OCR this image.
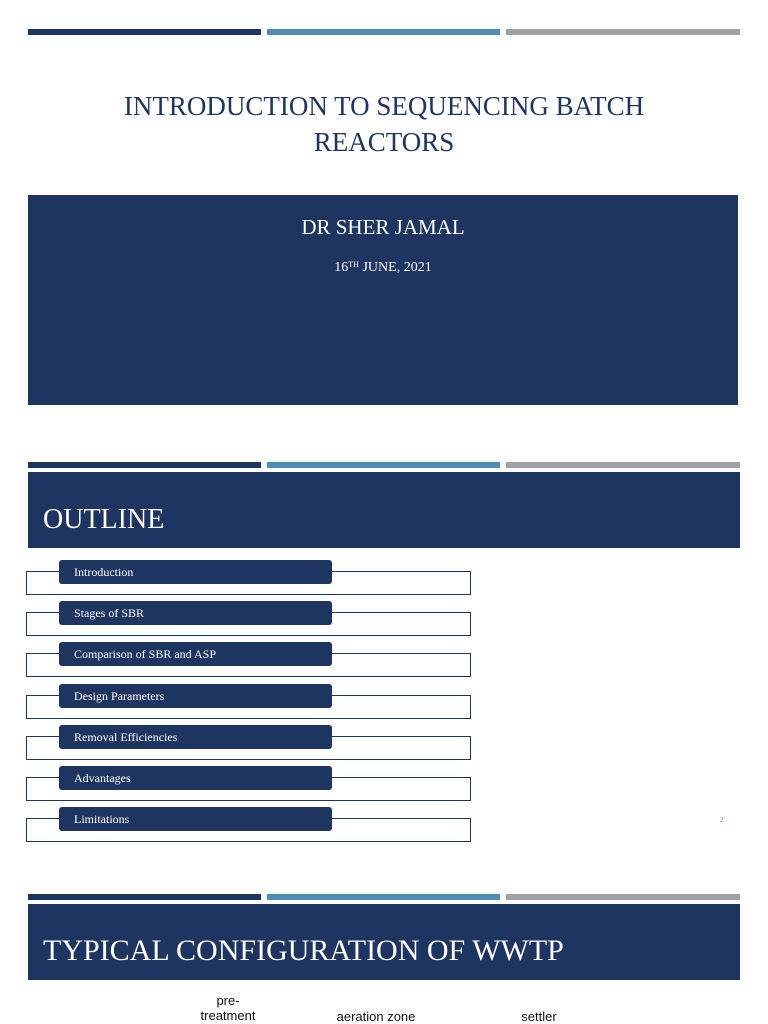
INTRODUCTION TO SEQUENCING BATCH REACTORS
DR SHER JAMAL
16TH JUNE, 2021
OUTLINE
Introduction
Stages of SBR
Comparison of SBR and ASP
Design Parameters
Removal Efficiencies
Advantages
Limitations	2
TYPICAL CONFIGURATION OF WWTP
pre-
treatment	aeration zone	settler
